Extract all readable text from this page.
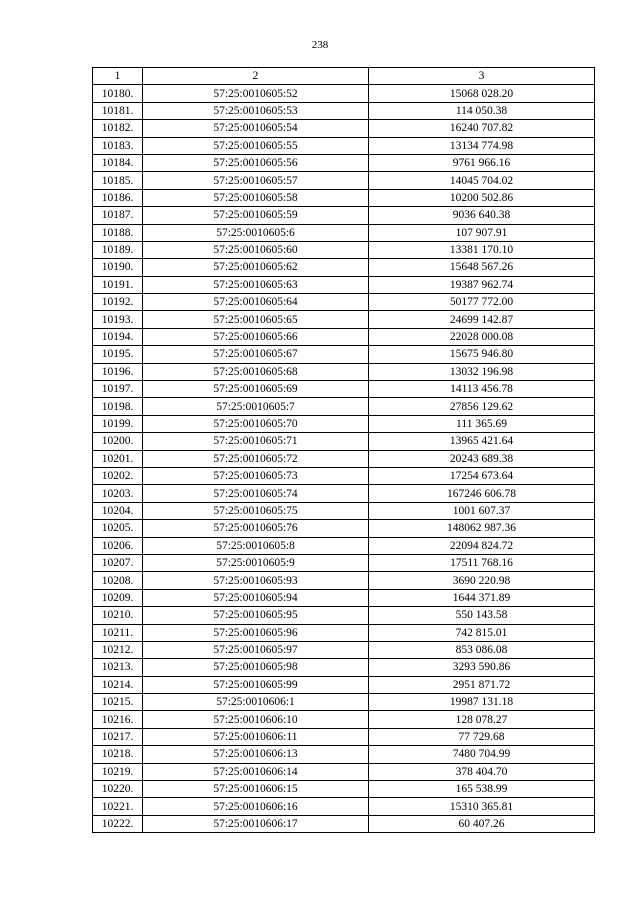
238
1	2	3
10180.	57:25:0010605:52	15068 028.20
10181.	57:25:0010605:53	114 050.38
10182.	57:25:0010605:54	16240 707.82
10183.	57:25:0010605:55	13134 774.98
10184.	57:25:0010605:56	9761 966.16
10185.	57:25:0010605:57	14045 704.02
10186.	57:25:0010605:58	10200 502.86
10187.	57:25:0010605:59	9036 640.38
10188.	57:25:0010605:6	107 907.91
10189.	57:25:0010605:60	13381 170.10
10190.	57:25:0010605:62	15648 567.26
10191.	57:25:0010605:63	19387 962.74
10192.	57:25:0010605:64	50177 772.00
10193.	57:25:0010605:65	24699 142.87
10194.	57:25:0010605:66	22028 000.08
10195.	57:25:0010605:67	15675 946.80
10196.	57:25:0010605:68	13032 196.98
10197.	57:25:0010605:69	14113 456.78
10198.	57:25:0010605:7	27856 129.62
10199.	57:25:0010605:70	111 365.69
10200.	57:25:0010605:71	13965 421.64
10201.	57:25:0010605:72	20243 689.38
10202.	57:25:0010605:73	17254 673.64
10203.	57:25:0010605:74	167246 606.78
10204.	57:25:0010605:75	1001 607.37
10205.	57:25:0010605:76	148062 987.36
10206.	57:25:0010605:8	22094 824.72
10207.	57:25:0010605:9	17511 768.16
10208.	57:25:0010605:93	3690 220.98
10209.	57:25:0010605:94	1644 371.89
10210.	57:25:0010605:95	550 143.58
10211.	57:25:0010605:96	742 815.01
10212.	57:25:0010605:97	853 086.08
10213.	57:25:0010605:98	3293 590.86
10214.	57:25:0010605:99	2951 871.72
10215.	57:25:0010606:1	19987 131.18
10216.	57:25:0010606:10	128 078.27
10217.	57:25:0010606:11	77 729.68
10218.	57:25:0010606:13	7480 704.99
10219.	57:25:0010606:14	378 404.70
10220.	57:25:0010606:15	165 538.99
10221.	57:25:0010606:16	15310 365.81
10222.	57:25:0010606:17	60 407.26
